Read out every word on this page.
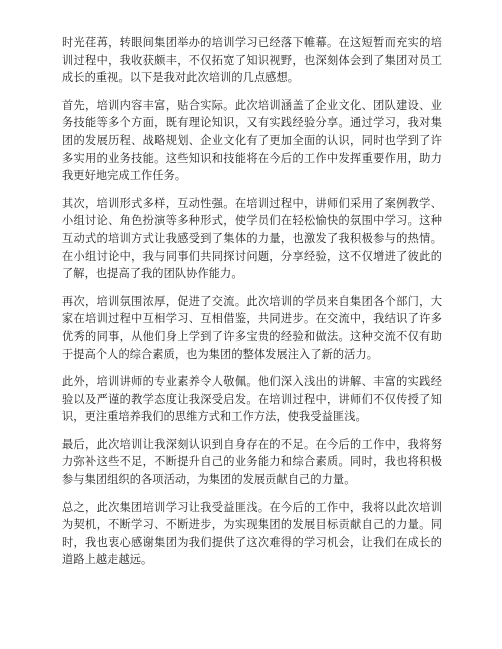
时光荏苒，转眼间集团举办的培训学习已经落下帷幕。在这短暂而充实的培训过程中，我收获颇丰，不仅拓宽了知识视野，也深刻体会到了集团对员工成长的重视。以下是我对此次培训的几点感想。

首先，培训内容丰富，贴合实际。此次培训涵盖了企业文化、团队建设、业务技能等多个方面，既有理论知识，又有实践经验分享。通过学习，我对集团的发展历程、战略规划、企业文化有了更加全面的认识，同时也学到了许多实用的业务技能。这些知识和技能将在今后的工作中发挥重要作用，助力我更好地完成工作任务。

其次，培训形式多样，互动性强。在培训过程中，讲师们采用了案例教学、小组讨论、角色扮演等多种形式，使学员们在轻松愉快的氛围中学习。这种互动式的培训方式让我感受到了集体的力量，也激发了我积极参与的热情。在小组讨论中，我与同事们共同探讨问题，分享经验，这不仅增进了彼此的了解，也提高了我的团队协作能力。

再次，培训氛围浓厚，促进了交流。此次培训的学员来自集团各个部门，大家在培训过程中互相学习、互相借鉴，共同进步。在交流中，我结识了许多优秀的同事，从他们身上学到了许多宝贵的经验和做法。这种交流不仅有助于提高个人的综合素质，也为集团的整体发展注入了新的活力。

此外，培训讲师的专业素养令人敬佩。他们深入浅出的讲解、丰富的实践经验以及严谨的教学态度让我深受启发。在培训过程中，讲师们不仅传授了知识，更注重培养我们的思维方式和工作方法，使我受益匪浅。

最后，此次培训让我深刻认识到自身存在的不足。在今后的工作中，我将努力弥补这些不足，不断提升自己的业务能力和综合素质。同时，我也将积极参与集团组织的各项活动，为集团的发展贡献自己的力量。

总之，此次集团培训学习让我受益匪浅。在今后的工作中，我将以此次培训为契机，不断学习、不断进步，为实现集团的发展目标贡献自己的力量。同时，我也衷心感谢集团为我们提供了这次难得的学习机会，让我们在成长的道路上越走越远。
